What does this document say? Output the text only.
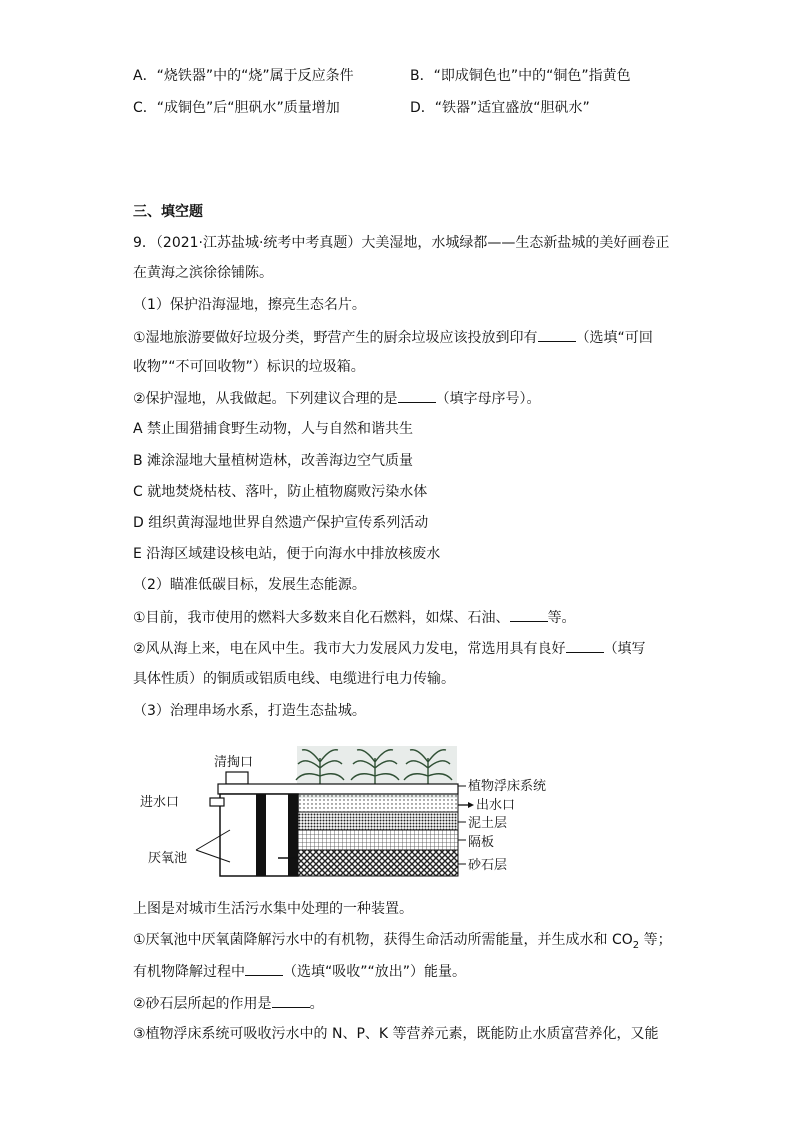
A．“烧铁器”中的“烧”属于反应条件	B．“即成铜色也”中的“铜色”指黄色
C．“成铜色”后“胆矾水”质量增加	D．“铁器”适宜盛放“胆矾水”
三、填空题
9．（2021·江苏盐城·统考中考真题）大美湿地，水城绿都——生态新盐城的美好画卷正
在黄海之滨徐徐铺陈。
（1）保护沿海湿地，擦亮生态名片。
①湿地旅游要做好垃圾分类，野营产生的厨余垃圾应该投放到印有	（选填“可回
收物”“不可回收物”）标识的垃圾箱。
②保护湿地，从我做起。下列建议合理的是	（填字母序号）。
A 禁止围猎捕食野生动物，人与自然和谐共生
B 滩涂湿地大量植树造林，改善海边空气质量
C 就地焚烧枯枝、落叶，防止植物腐败污染水体
D 组织黄海湿地世界自然遗产保护宣传系列活动
E 沿海区域建设核电站，便于向海水中排放核废水
（2）瞄准低碳目标，发展生态能源。
①目前，我市使用的燃料大多数来自化石燃料，如煤、石油、	等。
②风从海上来，电在风中生。我市大力发展风力发电，常选用具有良好	（填写
具体性质）的铜质或铝质电线、电缆进行电力传输。
（3）治理串场水系，打造生态盐城。
清掏口
进水口
厌氧池
植物浮床系统
出水口
泥土层
隔板
砂石层
上图是对城市生活污水集中处理的一种装置。
①厌氧池中厌氧菌降解污水中的有机物，获得生命活动所需能量，并生成水和 $CO_2$ 等；
有机物降解过程中	（选填“吸收”“放出”）能量。
②砂石层所起的作用是	。
③植物浮床系统可吸收污水中的 N、P、K 等营养元素，既能防止水质富营养化，又能
